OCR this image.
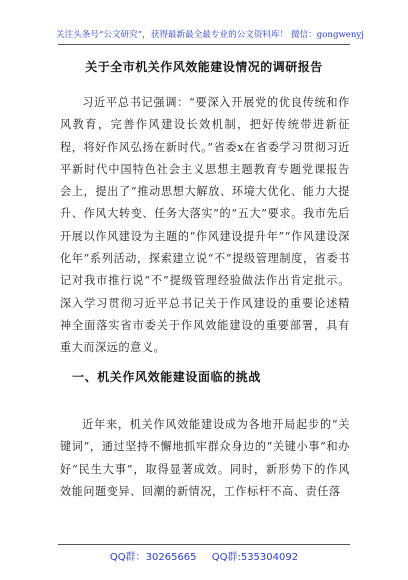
关注头条号“公文研究”，获得最新最全最专业的公文资料库！ 微信：gongwenyj
关于全市机关作风效能建设情况的调研报告

习近平总书记强调：“要深入开展党的优良传统和作风教育，完善作风建设长效机制，把好传统带进新征程，将好作风弘扬在新时代。”省委x在省委学习贯彻习近平新时代中国特色社会主义思想主题教育专题党课报告会上，提出了“推动思想大解放、环境大优化、能力大提升、作风大转变、任务大落实”的“五大”要求。我市先后开展以作风建设为主题的“作风建设提升年”“作风建设深化年”系列活动，探索建立说“不”提级管理制度，省委书记对我市推行说“不”提级管理经验做法作出肯定批示。深入学习贯彻习近平总书记关于作风建设的重要论述精神全面落实省市委关于作风效能建设的重要部署，具有重大而深远的意义。

一、机关作风效能建设面临的挑战

近年来，机关作风效能建设成为各地开局起步的“关键词”，通过坚持不懈地抓牢群众身边的“关键小事”和办好“民生大事”，取得显著成效。同时，新形势下的作风效能问题变异、回潮的新情况，工作标杆不高、责任落

QQ群：30265665 QQ群:535304092
